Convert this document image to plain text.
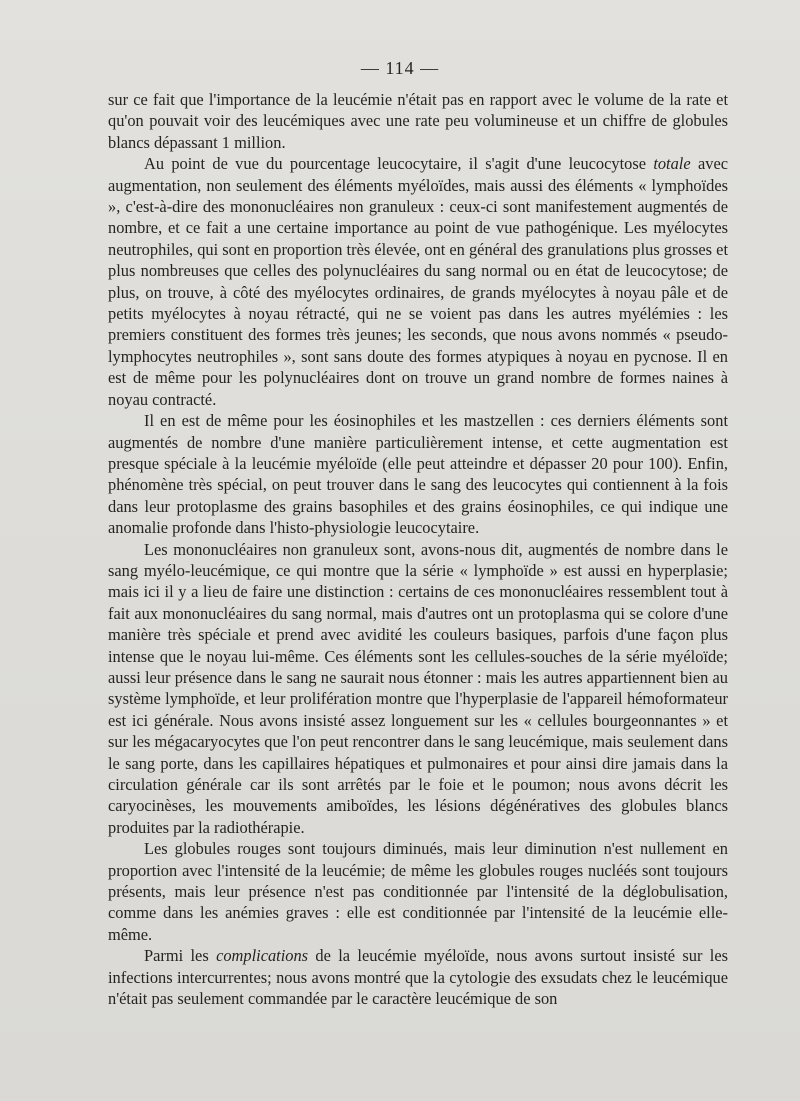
— 114 —

sur ce fait que l'importance de la leucémie n'était pas en rapport avec le volume de la rate et qu'on pouvait voir des leucémiques avec une rate peu volumineuse et un chiffre de globules blancs dépassant 1 million.

Au point de vue du pourcentage leucocytaire, il s'agit d'une leucocytose totale avec augmentation, non seulement des éléments myéloïdes, mais aussi des éléments « lymphoïdes », c'est-à-dire des mononucléaires non granuleux : ceux-ci sont manifestement augmentés de nombre, et ce fait a une certaine importance au point de vue pathogénique. Les myélocytes neutrophiles, qui sont en proportion très élevée, ont en général des granulations plus grosses et plus nombreuses que celles des polynucléaires du sang normal ou en état de leucocytose; de plus, on trouve, à côté des myélocytes ordinaires, de grands myélocytes à noyau pâle et de petits myélocytes à noyau rétracté, qui ne se voient pas dans les autres myélémies : les premiers constituent des formes très jeunes; les seconds, que nous avons nommés « pseudo-lymphocytes neutrophiles », sont sans doute des formes atypiques à noyau en pycnose. Il en est de même pour les polynucléaires dont on trouve un grand nombre de formes naines à noyau contracté.

Il en est de même pour les éosinophiles et les mastzellen : ces derniers éléments sont augmentés de nombre d'une manière particulièrement intense, et cette augmentation est presque spéciale à la leucémie myéloïde (elle peut atteindre et dépasser 20 pour 100). Enfin, phénomène très spécial, on peut trouver dans le sang des leucocytes qui contiennent à la fois dans leur protoplasme des grains basophiles et des grains éosinophiles, ce qui indique une anomalie profonde dans l'histo-physiologie leucocytaire.

Les mononucléaires non granuleux sont, avons-nous dit, augmentés de nombre dans le sang myélo-leucémique, ce qui montre que la série « lymphoïde » est aussi en hyperplasie; mais ici il y a lieu de faire une distinction : certains de ces mononucléaires ressemblent tout à fait aux mononucléaires du sang normal, mais d'autres ont un protoplasma qui se colore d'une manière très spéciale et prend avec avidité les couleurs basiques, parfois d'une façon plus intense que le noyau lui-même. Ces éléments sont les cellules-souches de la série myéloïde; aussi leur présence dans le sang ne saurait nous étonner : mais les autres appartiennent bien au système lymphoïde, et leur prolifération montre que l'hyperplasie de l'appareil hémoformateur est ici générale. Nous avons insisté assez longuement sur les « cellules bourgeonnantes » et sur les mégacaryocytes que l'on peut rencontrer dans le sang leucémique, mais seulement dans le sang porte, dans les capillaires hépatiques et pulmonaires et pour ainsi dire jamais dans la circulation générale car ils sont arrêtés par le foie et le poumon; nous avons décrit les caryocinèses, les mouvements amiboïdes, les lésions dégénératives des globules blancs produites par la radiothérapie.

Les globules rouges sont toujours diminués, mais leur diminution n'est nullement en proportion avec l'intensité de la leucémie; de même les globules rouges nucléés sont toujours présents, mais leur présence n'est pas conditionnée par l'intensité de la déglobulisation, comme dans les anémies graves : elle est conditionnée par l'intensité de la leucémie elle-même.

Parmi les complications de la leucémie myéloïde, nous avons surtout insisté sur les infections intercurrentes; nous avons montré que la cytologie des exsudats chez le leucémique n'était pas seulement commandée par le caractère leucémique de son
